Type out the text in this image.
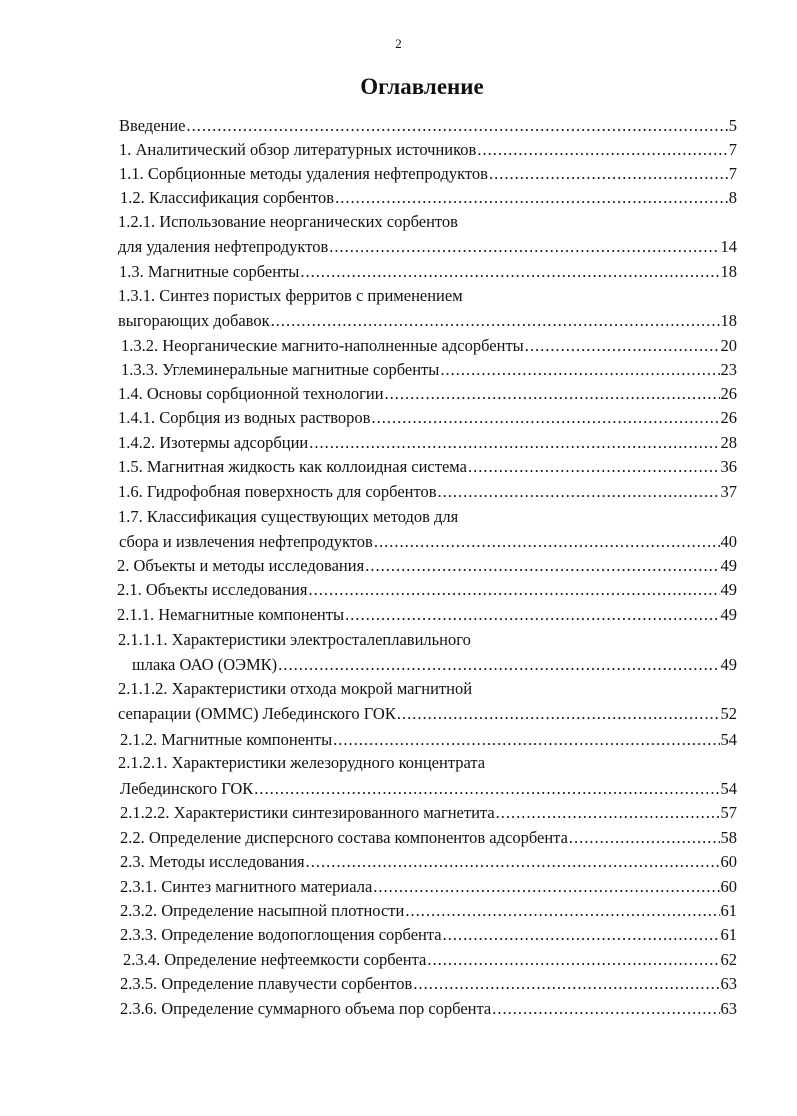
2
Оглавление
Введение .....	5
1. Аналитический обзор литературных источников .....	7
1.1. Сорбционные методы удаления нефтепродуктов .....	7
1.2. Классификация сорбентов .....	8
1.2.1. Использование неорганических сорбентов
для удаления нефтепродуктов .....	14
1.3. Магнитные сорбенты .....	18
1.3.1. Синтез пористых ферритов с применением
выгорающих добавок .....	18
1.3.2. Неорганические магнито-наполненные адсорбенты .....	20
1.3.3. Углеминеральные магнитные сорбенты .....	23
1.4. Основы сорбционной технологии .....	26
1.4.1. Сорбция из водных растворов .....	26
1.4.2. Изотермы адсорбции .....	28
1.5. Магнитная жидкость как коллоидная система .....	36
1.6. Гидрофобная поверхность для сорбентов .....	37
1.7. Классификация существующих методов для
сбора и извлечения нефтепродуктов .....	40
2. Объекты и методы исследования .....	49
2.1. Объекты исследования .....	49
2.1.1. Немагнитные компоненты .....	49
2.1.1.1. Характеристики электросталеплавильного
шлака ОАО (ОЭМК) .....	49
2.1.1.2. Характеристики отхода мокрой магнитной
сепарации (ОММС) Лебединского ГОК .....	52
2.1.2. Магнитные компоненты .....	54
2.1.2.1. Характеристики железорудного концентрата
Лебединского ГОК .....	54
2.1.2.2. Характеристики синтезированного магнетита .....	57
2.2. Определение дисперсного состава компонентов адсорбента .....	58
2.3. Методы исследования .....	60
2.3.1. Синтез магнитного материала .....	60
2.3.2. Определение насыпной плотности .....	61
2.3.3. Определение водопоглощения сорбента .....	61
2.3.4. Определение нефтеемкости сорбента .....	62
2.3.5. Определение плавучести сорбентов .....	63
2.3.6. Определение суммарного объема пор сорбента .....	63
